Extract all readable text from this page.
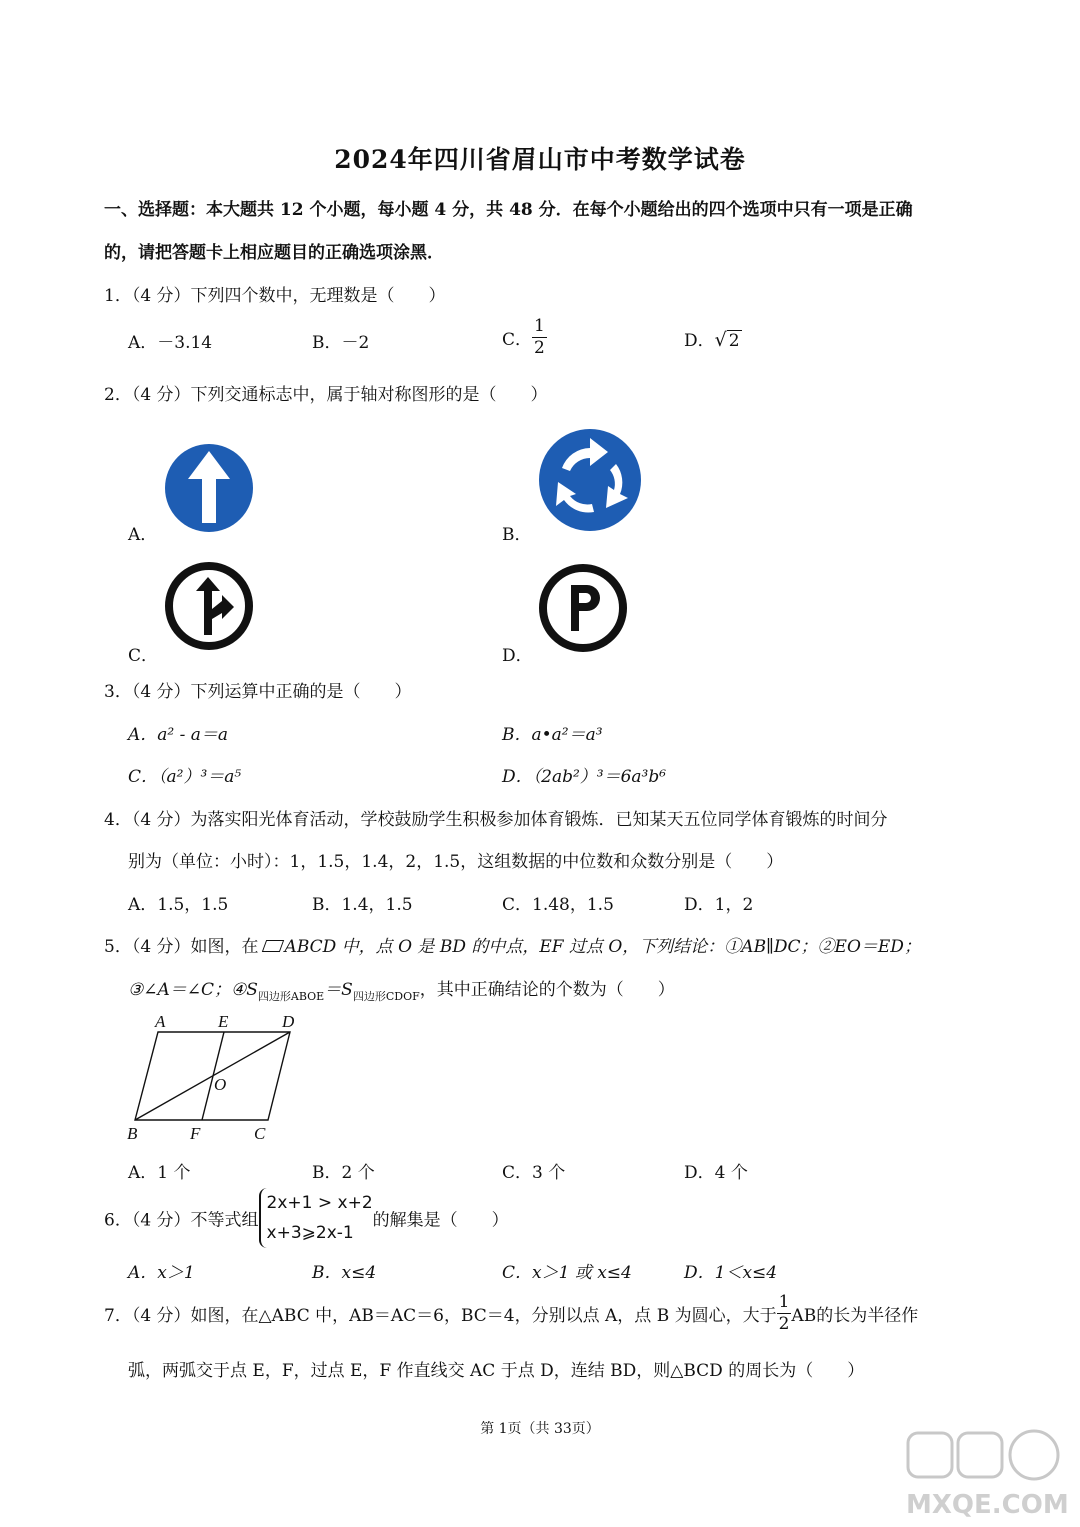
2024年四川省眉山市中考数学试卷
一、选择题：本大题共 12 个小题，每小题 4 分，共 48 分．在每个小题给出的四个选项中只有一项是正确
的，请把答题卡上相应题目的正确选项涂黑．
1．（4 分）下列四个数中，无理数是（　　）
A．－3.14	B．－2	C． $\frac{1}{2}$	D．√ 2
2．（4 分）下列交通标志中，属于轴对称图形的是（　　）
A．	B．
C．	D．
3．（4 分）下列运算中正确的是（　　）
A．a² - a＝a	B．a•a²＝a³
C．（a²）³＝a⁵	D．（2ab²）³＝6a³b⁶
4．（4 分）为落实阳光体育活动，学校鼓励学生积极参加体育锻炼．已知某天五位同学体育锻炼的时间分
别为（单位：小时）：1，1.5，1.4，2，1.5，这组数据的中位数和众数分别是（　　）
A．1.5，1.5	B．1.4，1.5	C．1.48，1.5	D．1，2
5．（4 分）如图，在 ABCD 中，点 O 是 BD 的中点，EF 过点 O，下列结论：①AB∥DC；②EO＝ED；
③∠A＝∠C；$④S_{四边形ABOE}=S_{四边形CDOF}$，其中正确结论的个数为（　　）
A	E	D
O
B	F	C
A．1 个	B．2 个	C．3 个	D．4 个
6．（4 分）不等式组
2x+1 > x+2
x+3⩾2x-1
的解集是（　　）
A．x＞1	B．x≤4	C．x＞1 或 x≤4	D．1＜x≤4
7．（4 分）如图，在△ABC 中，AB＝AC＝6，BC＝4，分别以点 A，点 B 为圆心，大于 $\frac{1}{2}$ AB的长为半径作
弧，两弧交于点 E，F，过点 E，F 作直线交 AC 于点 D，连结 BD，则△BCD 的周长为（　　）
第 1页（共 33页）
MXQE.COM
